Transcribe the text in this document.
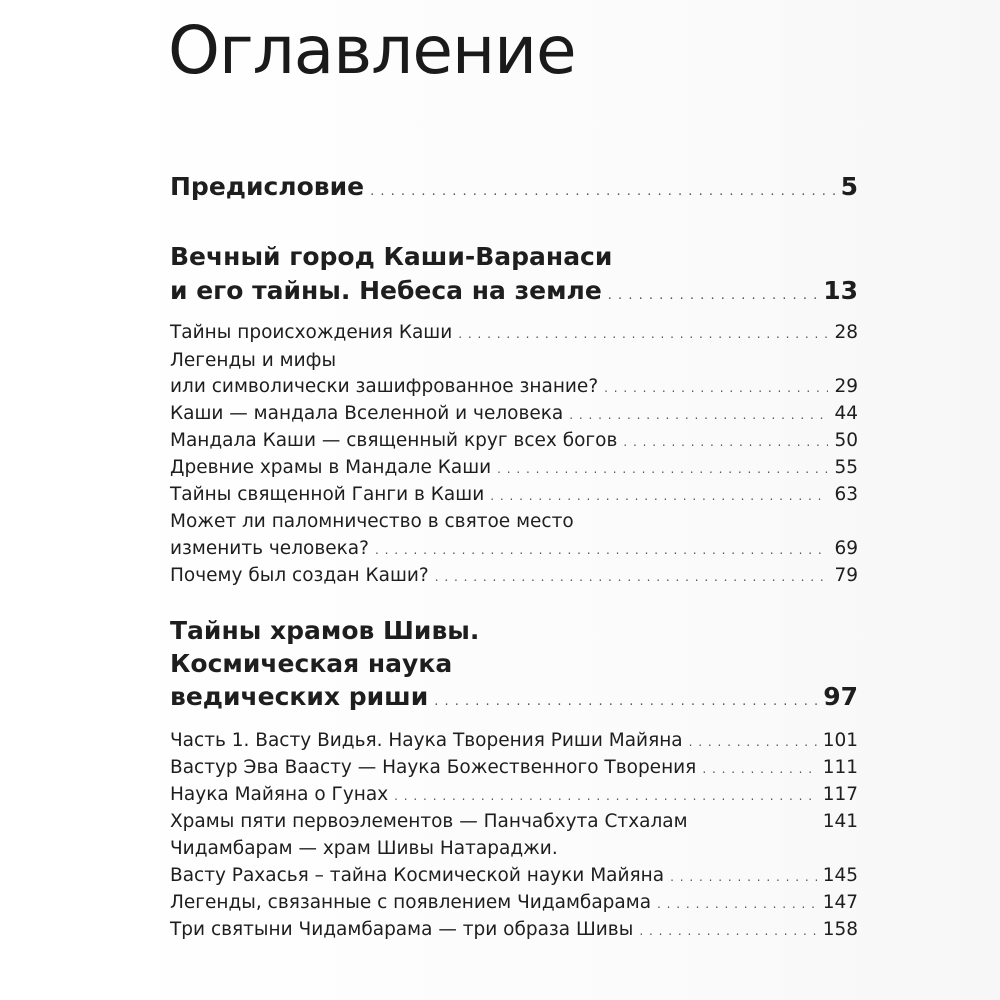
Оглавление
Предисловие . . .	5
Вечный город Каши-Варанаси
и его тайны. Небеса на земле . . .	13
Тайны происхождения Каши . . .	28
Легенды и мифы
или символически зашифрованное знание? . . .	29
Каши — мандала Вселенной и человека . . .	44
Мандала Каши — священный круг всех богов . . .	50
Древние храмы в Мандале Каши . . .	55
Тайны священной Ганги в Каши . . .	63
Может ли паломничество в святое место
изменить человека? . . .	69
Почему был создан Каши? . . .	79
Тайны храмов Шивы.
Космическая наука
ведических риши . . .	97
Часть 1. Васту Видья. Наука Творения Риши Майяна . . .	101
Вастур Эва Ваасту — Наука Божественного Творения . . .	111
Наука Майяна о Гунах . . .	117
Храмы пяти первоэлементов — Панчабхута Стхалам	141
Чидамбарам — храм Шивы Натараджи.
Васту Рахасья – тайна Космической науки Майяна . . .	145
Легенды, связанные с появлением Чидамбарама . . .	147
Три святыни Чидамбарама — три образа Шивы . . .	158
